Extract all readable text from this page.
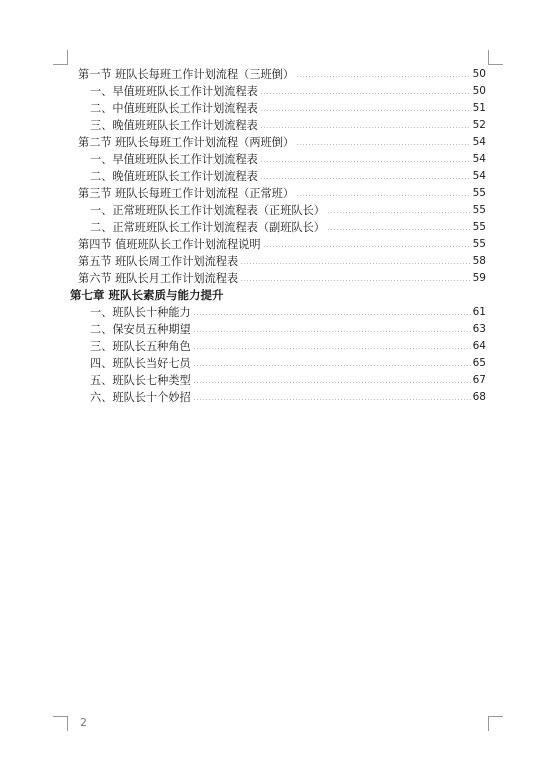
第一节 班队长每班工作计划流程（三班倒）	50
一、早值班班队长工作计划流程表	50
二、中值班班队长工作计划流程表	51
三、晚值班班队长工作计划流程表	52
第二节 班队长每班工作计划流程（两班倒）	54
一、早值班班队长工作计划流程表	54
二、晚值班班队长工作计划流程表	54
第三节 班队长每班工作计划流程（正常班）	55
一、正常班班队长工作计划流程表（正班队长）	55
二、正常班班队长工作计划流程表（副班队长）	55
第四节 值班班队长工作计划流程说明	55
第五节 班队长周工作计划流程表	58
第六节 班队长月工作计划流程表	59
第七章 班队长素质与能力提升
一、班队长十种能力	61
二、保安员五种期望	63
三、班队长五种角色	64
四、班队长当好七员	65
五、班队长七种类型	67
六、班队长十个妙招	68
2
